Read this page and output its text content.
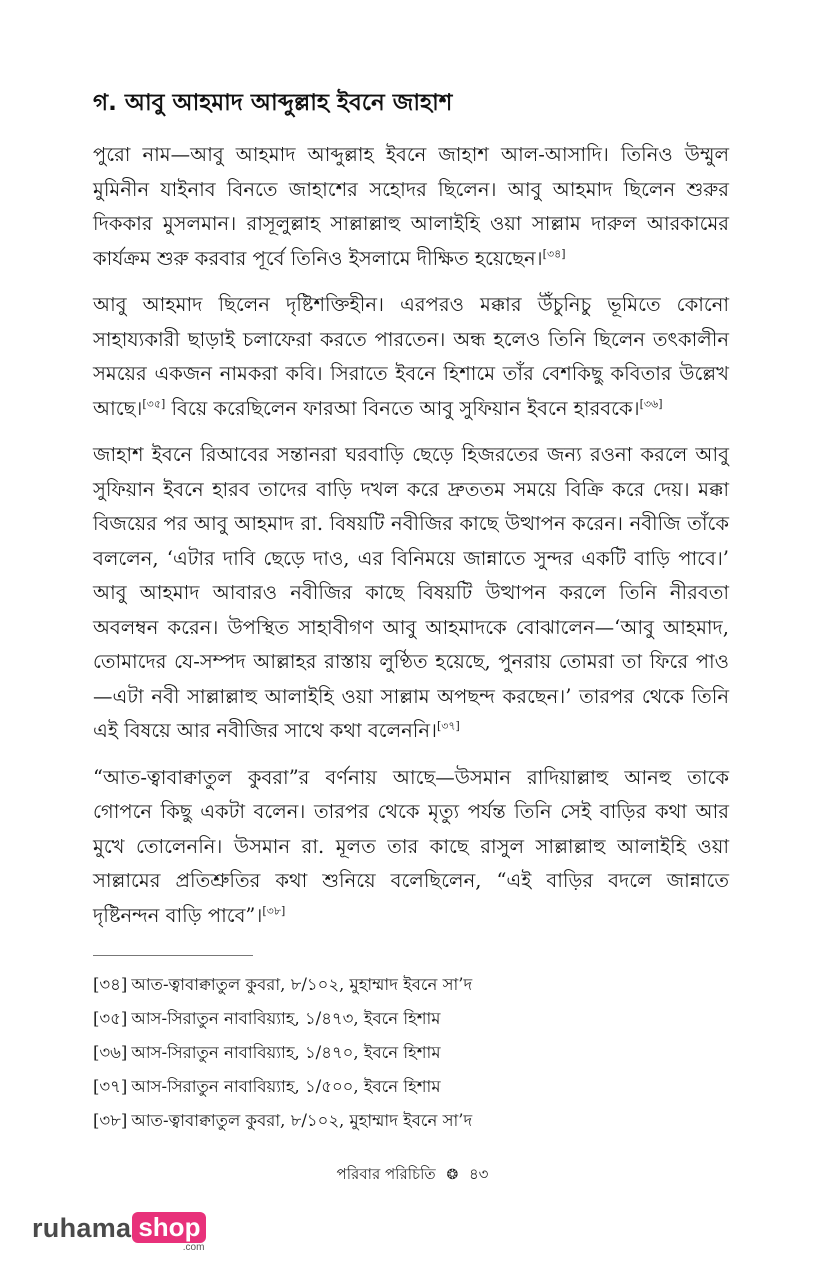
গ. আবু আহমাদ আব্দুল্লাহ ইবনে জাহাশ

পুরো নাম—আবু আহমাদ আব্দুল্লাহ ইবনে জাহাশ আল-আসাদি। তিনিও উম্মুল মুমিনীন যাইনাব বিনতে জাহাশের সহোদর ছিলেন। আবু আহমাদ ছিলেন শুরুর দিককার মুসলমান। রাসূলুল্লাহ সাল্লাল্লাহু আলাইহি ওয়া সাল্লাম দারুল আরকামের কার্যক্রম শুরু করবার পূর্বে তিনিও ইসলামে দীক্ষিত হয়েছেন।[৩৪]

আবু আহমাদ ছিলেন দৃষ্টিশক্তিহীন। এরপরও মক্কার উঁচুনিচু ভূমিতে কোনো সাহায্যকারী ছাড়াই চলাফেরা করতে পারতেন। অন্ধ হলেও তিনি ছিলেন তৎকালীন সময়ের একজন নামকরা কবি। সিরাতে ইবনে হিশামে তাঁর বেশকিছু কবিতার উল্লেখ আছে।[৩৫] বিয়ে করেছিলেন ফারআ বিনতে আবু সুফিয়ান ইবনে হারবকে।[৩৬]

জাহাশ ইবনে রিআবের সন্তানরা ঘরবাড়ি ছেড়ে হিজরতের জন্য রওনা করলে আবু সুফিয়ান ইবনে হারব তাদের বাড়ি দখল করে দ্রুততম সময়ে বিক্রি করে দেয়। মক্কা বিজয়ের পর আবু আহমাদ রা. বিষয়টি নবীজির কাছে উত্থাপন করেন। নবীজি তাঁকে বললেন, ‘এটার দাবি ছেড়ে দাও, এর বিনিময়ে জান্নাতে সুন্দর একটি বাড়ি পাবে।’ আবু আহমাদ আবারও নবীজির কাছে বিষয়টি উত্থাপন করলে তিনি নীরবতা অবলম্বন করেন। উপস্থিত সাহাবীগণ আবু আহমাদকে বোঝালেন—‘আবু আহমাদ, তোমাদের যে-সম্পদ আল্লাহর রাস্তায় লুণ্ঠিত হয়েছে, পুনরায় তোমরা তা ফিরে পাও—এটা নবী সাল্লাল্লাহু আলাইহি ওয়া সাল্লাম অপছন্দ করছেন।’ তারপর থেকে তিনি এই বিষয়ে আর নবীজির সাথে কথা বলেননি।[৩৭]

“আত-ত্বাবাক্বাতুল কুবরা”র বর্ণনায় আছে—উসমান রাদিয়াল্লাহু আনহু তাকে গোপনে কিছু একটা বলেন। তারপর থেকে মৃত্যু পর্যন্ত তিনি সেই বাড়ির কথা আর মুখে তোলেননি। উসমান রা. মূলত তার কাছে রাসুল সাল্লাল্লাহু আলাইহি ওয়া সাল্লামের প্রতিশ্রুতির কথা শুনিয়ে বলেছিলেন, “এই বাড়ির বদলে জান্নাতে দৃষ্টিনন্দন বাড়ি পাবে”।[৩৮]

[৩৪] আত-ত্বাবাক্বাতুল কুবরা, ৮/১০২, মুহাম্মাদ ইবনে সা’দ

[৩৫] আস-সিরাতুন নাবাবিয়্যাহ, ১/৪৭৩, ইবনে হিশাম

[৩৬] আস-সিরাতুন নাবাবিয়্যাহ, ১/৪৭০, ইবনে হিশাম

[৩৭] আস-সিরাতুন নাবাবিয়্যাহ, ১/৫০০, ইবনে হিশাম

[৩৮] আত-ত্বাবাক্বাতুল কুবরা, ৮/১০২, মুহাম্মাদ ইবনে সা’দ

পরিবার পরিচিতি ❂ ৪৩
ruhama shop
.com
